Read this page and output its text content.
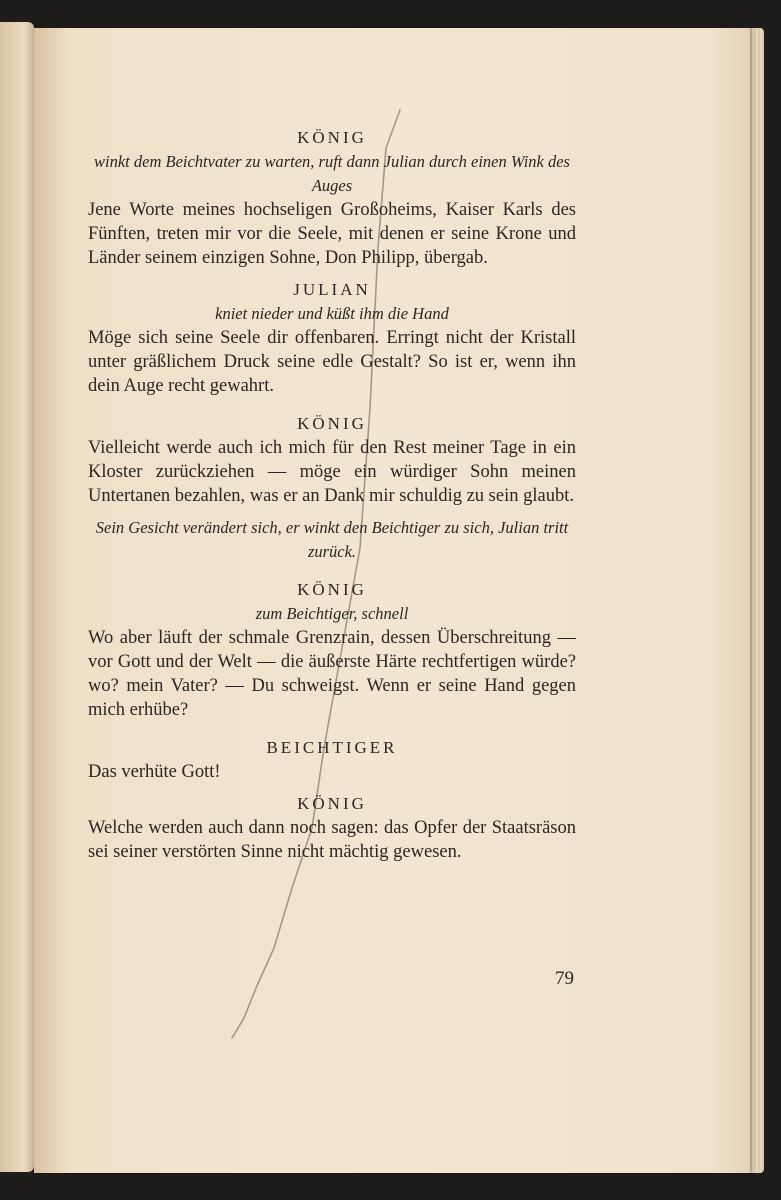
KÖNIG

winkt dem Beichtvater zu warten, ruft dann Julian durch einen Wink des Auges

Jene Worte meines hochseligen Großoheims, Kaiser Karls des Fünften, treten mir vor die Seele, mit denen er seine Krone und Länder seinem einzigen Sohne, Don Philipp, übergab.

JULIAN

kniet nieder und küßt ihm die Hand

Möge sich seine Seele dir offenbaren. Erringt nicht der Kristall unter gräßlichem Druck seine edle Gestalt? So ist er, wenn ihn dein Auge recht gewahrt.

KÖNIG

Vielleicht werde auch ich mich für den Rest meiner Tage in ein Kloster zurückziehen — möge ein würdiger Sohn meinen Untertanen bezahlen, was er an Dank mir schuldig zu sein glaubt.

Sein Gesicht verändert sich, er winkt den Beichtiger zu sich, Julian tritt zurück.

KÖNIG

zum Beichtiger, schnell

Wo aber läuft der schmale Grenzrain, dessen Überschreitung — vor Gott und der Welt — die äußerste Härte rechtfertigen würde? wo? mein Vater? — Du schweigst. Wenn er seine Hand gegen mich erhübe?

BEICHTIGER

Das verhüte Gott!

KÖNIG

Welche werden auch dann noch sagen: das Opfer der Staatsräson sei seiner verstörten Sinne nicht mächtig gewesen.

79
